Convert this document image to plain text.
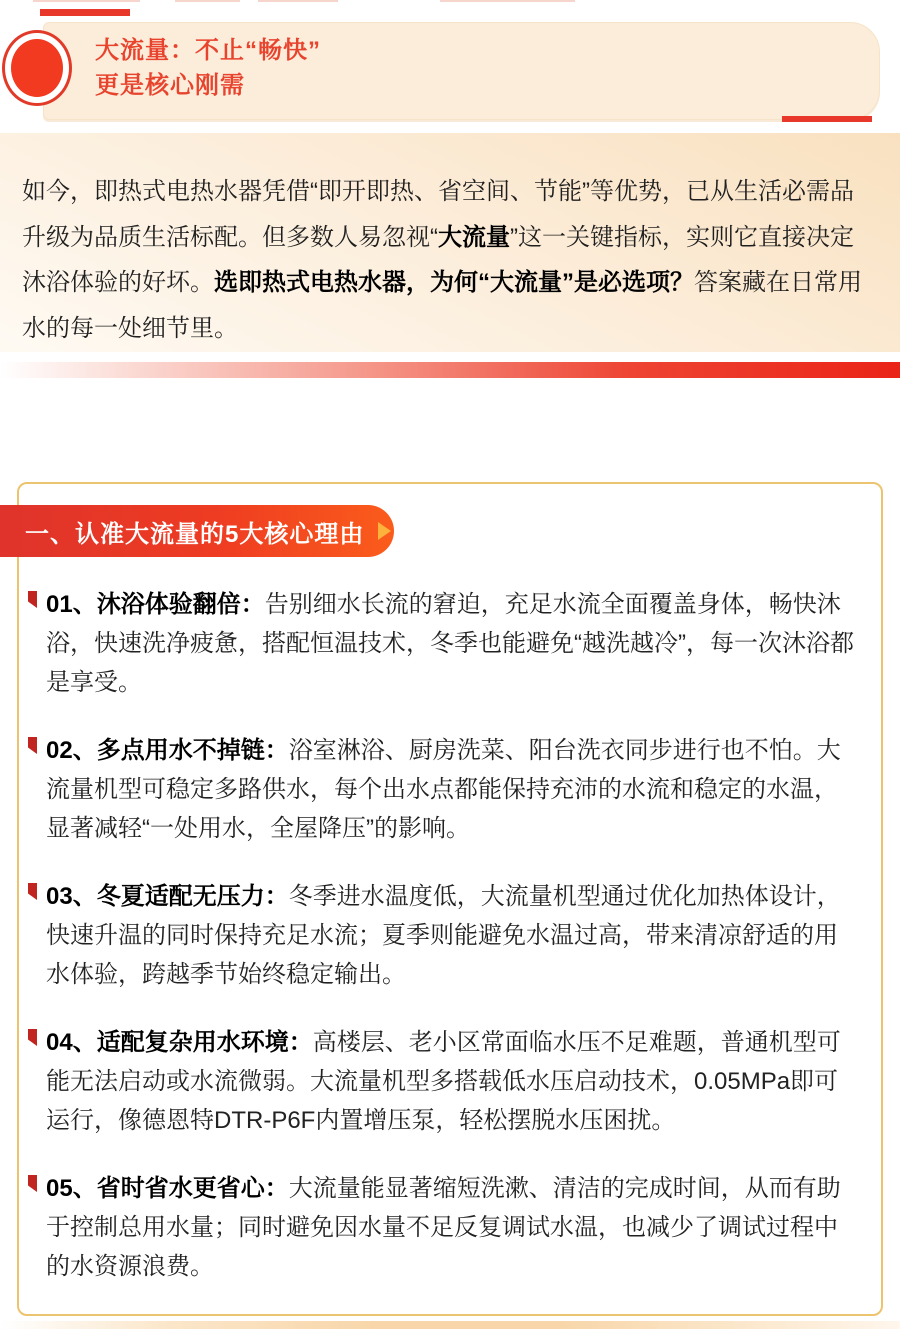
大流量：不止“畅快”
更是核心刚需
如今，即热式电热水器凭借“即开即热、省空间、节能”等优势，已从生活必需品升级为品质生活标配。但多数人易忽视“大流量”这一关键指标，实则它直接决定沐浴体验的好坏。选即热式电热水器，为何“大流量”是必选项？答案藏在日常用水的每一处细节里。
一、认准大流量的5大核心理由
01、沐浴体验翻倍：告别细水长流的窘迫，充足水流全面覆盖身体，畅快沐浴，快速洗净疲惫，搭配恒温技术，冬季也能避免“越洗越冷”，每一次沐浴都是享受。
02、多点用水不掉链：浴室淋浴、厨房洗菜、阳台洗衣同步进行也不怕。大流量机型可稳定多路供水，每个出水点都能保持充沛的水流和稳定的水温，显著减轻“一处用水，全屋降压”的影响。
03、冬夏适配无压力：冬季进水温度低，大流量机型通过优化加热体设计，快速升温的同时保持充足水流；夏季则能避免水温过高，带来清凉舒适的用水体验，跨越季节始终稳定输出。
04、适配复杂用水环境：高楼层、老小区常面临水压不足难题，普通机型可能无法启动或水流微弱。大流量机型多搭载低水压启动技术，0.05MPa即可运行，像德恩特DTR-P6F内置增压泵，轻松摆脱水压困扰。
05、省时省水更省心：大流量能显著缩短洗漱、清洁的完成时间，从而有助于控制总用水量；同时避免因水量不足反复调试水温，也减少了调试过程中的水资源浪费。
